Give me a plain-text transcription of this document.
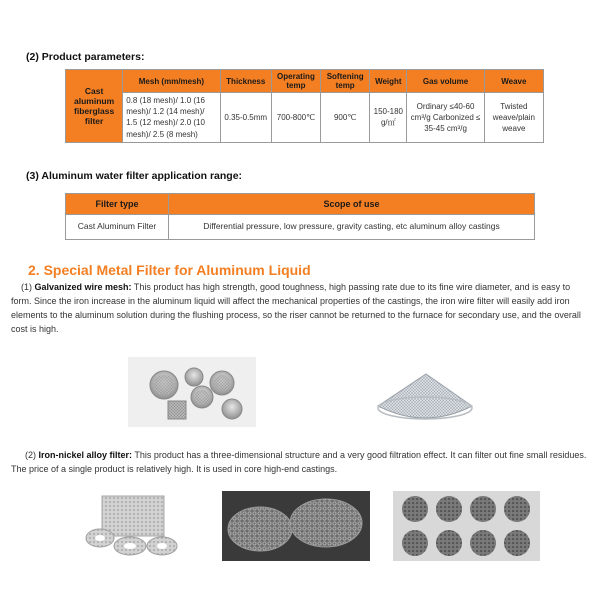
(2) Product parameters:
Cast aluminum fiberglass filter	Mesh (mm/mesh)	Thickness	Operating temp	Softening temp	Weight	Gas volume	Weave
	0.8 (18 mesh)/ 1.0 (16 mesh)/ 1.2 (14 mesh)/ 1.5 (12 mesh)/ 2.0 (10 mesh)/ 2.5 (8 mesh)	0.35-0.5mm	700-800℃	900℃	150-180 g/㎡	Ordinary ≤40-60 cm³/g Carbonized ≤ 35-45 cm³/g	Twisted weave/plain weave
(3) Aluminum water filter application range:
Filter type	Scope of use
Cast Aluminum Filter	Differential pressure, low pressure, gravity casting, etc aluminum alloy castings
2. Special Metal Filter for Aluminum Liquid
(1) Galvanized wire mesh: This product has high strength, good toughness, high passing rate due to its fine wire diameter, and is easy to form. Since the iron increase in the aluminum liquid will affect the mechanical properties of the castings, the iron wire filter will easily add iron elements to the aluminum solution during the flushing process, so the riser cannot be returned to the furnace for secondary use, and the overall cost is high.
(2) Iron-nickel alloy filter: This product has a three-dimensional structure and a very good filtration effect. It can filter out fine small residues. The price of a single product is relatively high. It is used in core high-end castings.
